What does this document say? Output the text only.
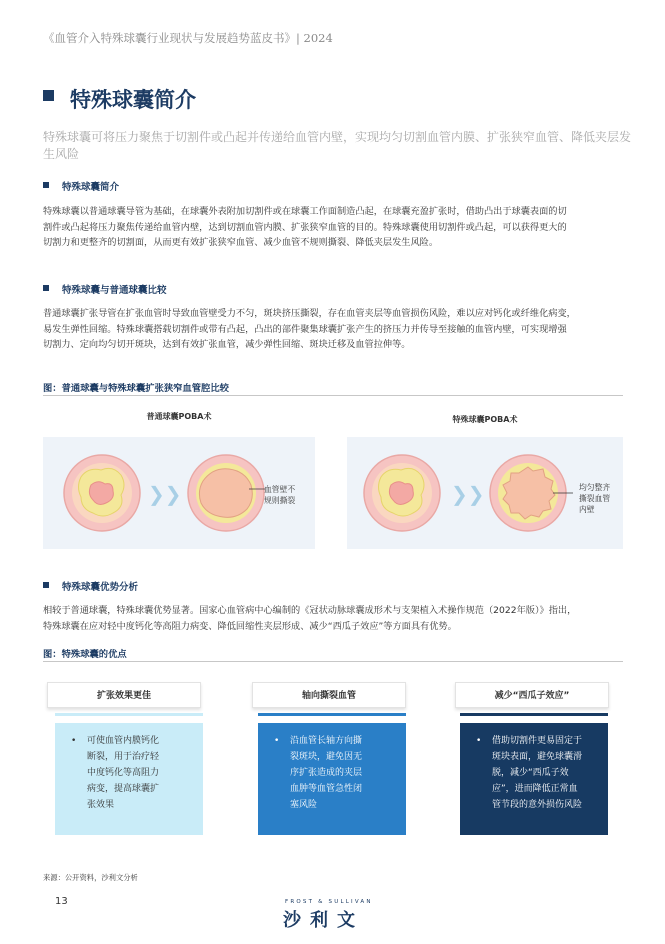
《血管介入特殊球囊行业现状与发展趋势蓝皮书》| 2024
特殊球囊简介
特殊球囊可将压力聚焦于切割件或凸起并传递给血管内壁，实现均匀切割血管内膜、扩张狭窄血管、降低夹层发生风险
特殊球囊简介
特殊球囊以普通球囊导管为基础，在球囊外表附加切割件或在球囊工作面制造凸起，在球囊充盈扩张时，借助凸出于球囊表面的切
割件或凸起将压力聚焦传递给血管内壁，达到切割血管内膜、扩张狭窄血管的目的。特殊球囊使用切割件或凸起，可以获得更大的
切割力和更整齐的切割面，从而更有效扩张狭窄血管、减少血管不规则撕裂、降低夹层发生风险。
特殊球囊与普通球囊比较
普通球囊扩张导管在扩张血管时导致血管壁受力不匀，斑块挤压撕裂，存在血管夹层等血管损伤风险，难以应对钙化或纤维化病变，
易发生弹性回缩。特殊球囊搭载切割件或带有凸起，凸出的部件聚集球囊扩张产生的挤压力并传导至接触的血管内壁，可实现增强
切割力、定向均匀切开斑块，达到有效扩张血管，减少弹性回缩、斑块迁移及血管拉伸等。
图：普通球囊与特殊球囊扩张狭窄血管腔比较
普通球囊POBA术	特殊球囊POBA术
❯❯	血管壁不
规则撕裂	❯❯	均匀整齐
撕裂血管
内壁
特殊球囊优势分析
相较于普通球囊，特殊球囊优势显著。国家心血管病中心编制的《冠状动脉球囊成形术与支架植入术操作规范（2022年版）》指出，
特殊球囊在应对轻中度钙化等高阻力病变、降低回缩性夹层形成、减少“西瓜子效应”等方面具有优势。
图：特殊球囊的优点
扩张效果更佳
• 可使血管内膜钙化
断裂，用于治疗轻
中度钙化等高阻力
病变，提高球囊扩
张效果
轴向撕裂血管
• 沿血管长轴方向撕
裂斑块，避免因无
序扩张造成的夹层
血肿等血管急性闭
塞风险
减少“西瓜子效应”
• 借助切割件更易固定于
斑块表面，避免球囊滑
脱，减少“西瓜子效
应”，进而降低正常血
管节段的意外损伤风险
来源：公开资料，沙利文分析
13	FROST & SULLIVAN
沙利文
